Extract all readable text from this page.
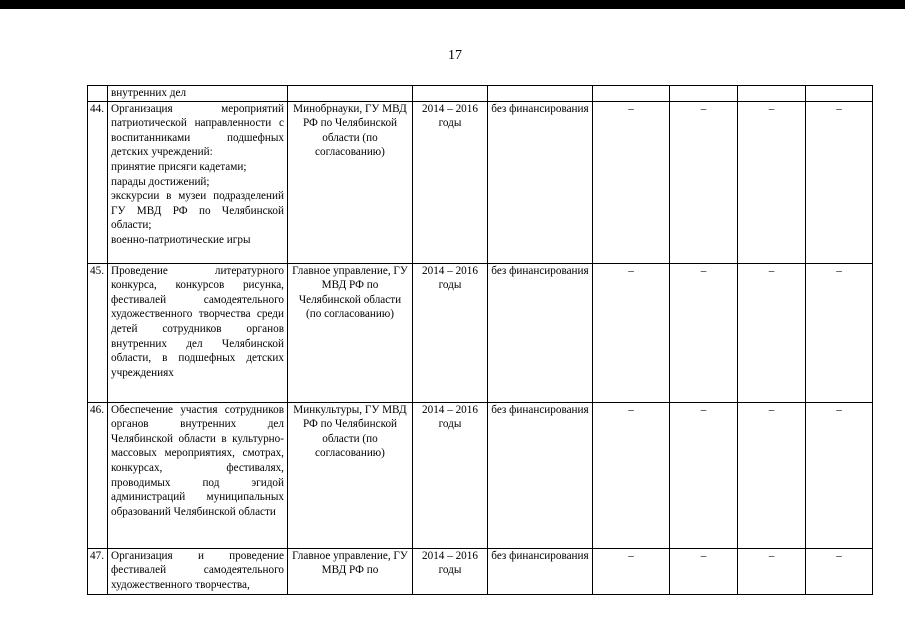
17
	внутренних дел							
44.	Организация мероприятий патриотической направленности с воспитанниками подшефных детских учреждений:
принятие присяги кадетами;
парады достижений;
экскурсии в музеи подразделений ГУ МВД РФ по Челябинской области;
военно-патриотические игры	Минобрнауки, ГУ МВД РФ по Челябинской области (по согласованию)	2014 – 2016 годы	без финансирования	–	–	–	–
45.	Проведение литературного конкурса, конкурсов рисунка, фестивалей самодеятельного художественного творчества среди детей сотрудников органов внутренних дел Челябинской области, в подшефных детских учреждениях	Главное управление, ГУ МВД РФ по Челябинской области (по согласованию)	2014 – 2016 годы	без финансирования	–	–	–	–
46.	Обеспечение участия сотрудников органов внутренних дел Челябинской области в культурно-массовых мероприятиях, смотрах, конкурсах, фестивалях, проводимых под эгидой администраций муниципальных образований Челябинской области	Минкультуры, ГУ МВД РФ по Челябинской области (по согласованию)	2014 – 2016 годы	без финансирования	–	–	–	–
47.	Организация и проведение фестивалей самодеятельного художественного творчества,	Главное управление, ГУ МВД РФ по	2014 – 2016 годы	без финансирования	–	–	–	–
